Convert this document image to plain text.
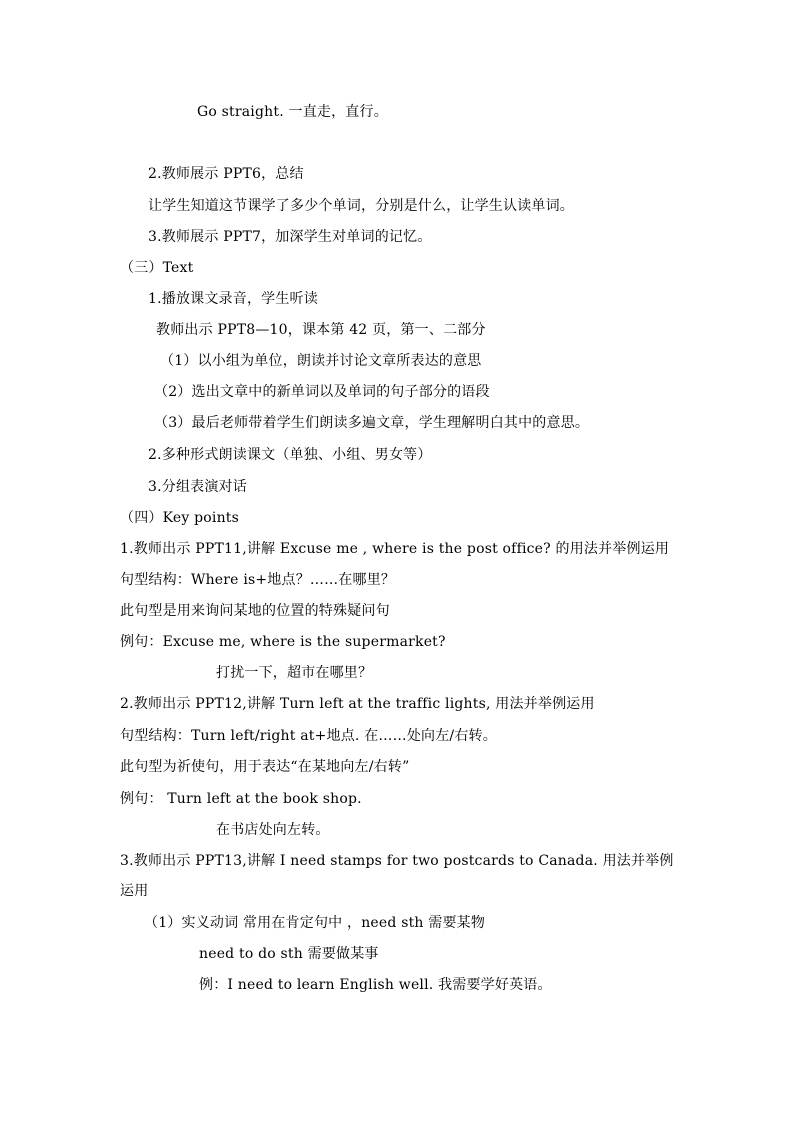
Go straight. 一直走，直行。
2.教师展示 PPT6，总结
让学生知道这节课学了多少个单词，分别是什么，让学生认读单词。
3.教师展示 PPT7，加深学生对单词的记忆。
（三）Text
1.播放课文录音，学生听读
教师出示 PPT8—10，课本第 42 页，第一、二部分
（1）以小组为单位，朗读并讨论文章所表达的意思
（2）选出文章中的新单词以及单词的句子部分的语段
（3）最后老师带着学生们朗读多遍文章，学生理解明白其中的意思。
2.多种形式朗读课文（单独、小组、男女等）
3.分组表演对话
（四）Key points
1.教师出示 PPT11,讲解 Excuse me , where is the post office? 的用法并举例运用
句型结构：Where is+地点？……在哪里？
此句型是用来询问某地的位置的特殊疑问句
例句：Excuse me, where is the supermarket?
打扰一下，超市在哪里？
2.教师出示 PPT12,讲解 Turn left at the traffic lights, 用法并举例运用
句型结构：Turn left/right at+地点. 在……处向左/右转。
此句型为祈使句，用于表达“在某地向左/右转”
例句： Turn left at the book shop.
在书店处向左转。
3.教师出示 PPT13,讲解 I need stamps for two postcards to Canada. 用法并举例
运用
（1）实义动词 常用在肯定句中 ，need sth 需要某物
need to do sth 需要做某事
例：I need to learn English well. 我需要学好英语。
